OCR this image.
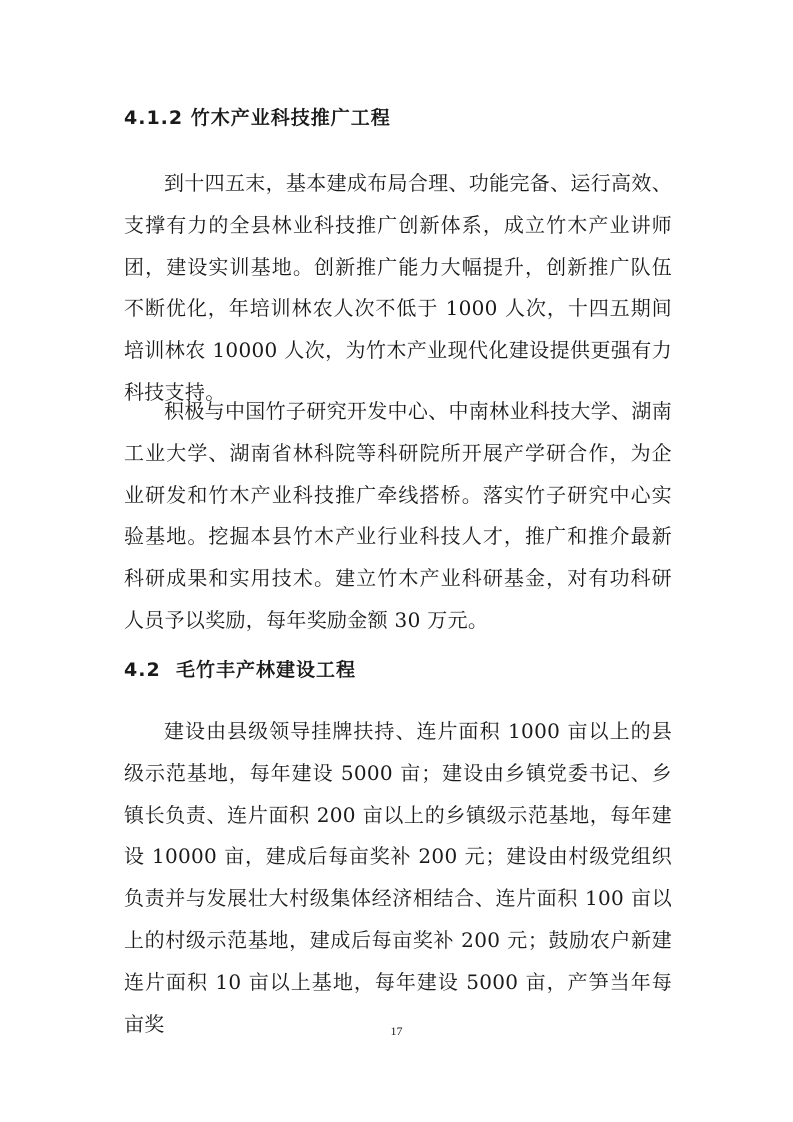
4.1.2 竹木产业科技推广工程
到十四五末，基本建成布局合理、功能完备、运行高效、支撑有力的全县林业科技推广创新体系，成立竹木产业讲师团，建设实训基地。创新推广能力大幅提升，创新推广队伍不断优化，年培训林农人次不低于 1000 人次，十四五期间培训林农 10000 人次，为竹木产业现代化建设提供更强有力科技支持。
积极与中国竹子研究开发中心、中南林业科技大学、湖南工业大学、湖南省林科院等科研院所开展产学研合作，为企业研发和竹木产业科技推广牵线搭桥。落实竹子研究中心实验基地。挖掘本县竹木产业行业科技人才，推广和推介最新科研成果和实用技术。建立竹木产业科研基金，对有功科研人员予以奖励，每年奖励金额 30 万元。
4.2 毛竹丰产林建设工程
建设由县级领导挂牌扶持、连片面积 1000 亩以上的县级示范基地，每年建设 5000 亩；建设由乡镇党委书记、乡镇长负责、连片面积 200 亩以上的乡镇级示范基地，每年建设 10000 亩，建成后每亩奖补 200 元；建设由村级党组织负责并与发展壮大村级集体经济相结合、连片面积 100 亩以上的村级示范基地，建成后每亩奖补 200 元；鼓励农户新建连片面积 10 亩以上基地，每年建设 5000 亩，产笋当年每亩奖	17
